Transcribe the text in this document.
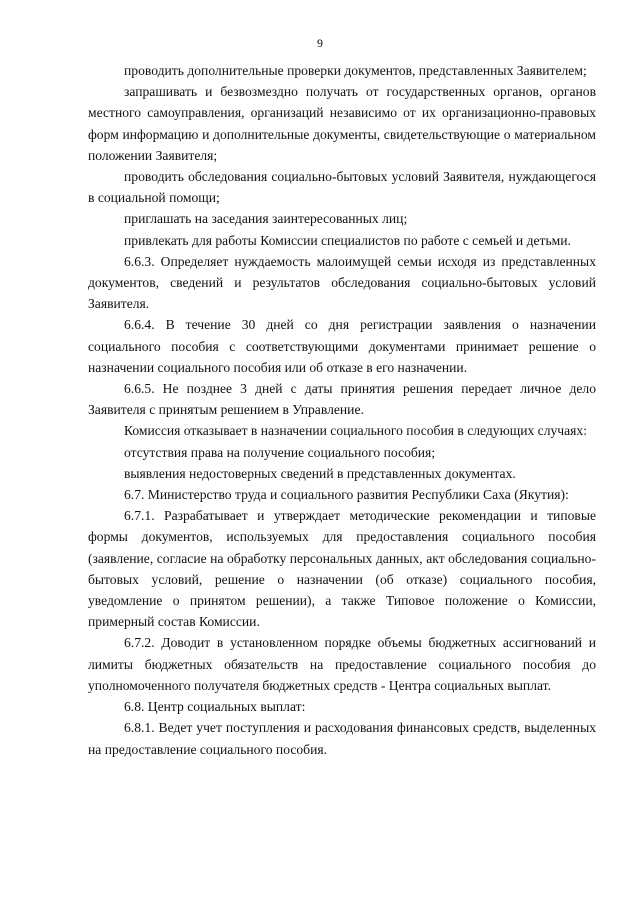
9

проводить дополнительные проверки документов, представленных Заявителем;

запрашивать и безвозмездно получать от государственных органов, органов местного самоуправления, организаций независимо от их организационно-правовых форм информацию и дополнительные документы, свидетельствующие о материальном положении Заявителя;

проводить обследования социально-бытовых условий Заявителя, нуждающегося в социальной помощи;

приглашать на заседания заинтересованных лиц;

привлекать для работы Комиссии специалистов по работе с семьей и детьми.

6.6.3. Определяет нуждаемость малоимущей семьи исходя из представленных документов, сведений и результатов обследования социально-бытовых условий Заявителя.

6.6.4. В течение 30 дней со дня регистрации заявления о назначении социального пособия с соответствующими документами принимает решение о назначении социального пособия или об отказе в его назначении.

6.6.5. Не позднее 3 дней с даты принятия решения передает личное дело Заявителя с принятым решением в Управление.

Комиссия отказывает в назначении социального пособия в следующих случаях:

отсутствия права на получение социального пособия;

выявления недостоверных сведений в представленных документах.

6.7. Министерство труда и социального развития Республики Саха (Якутия):

6.7.1. Разрабатывает и утверждает методические рекомендации и типовые формы документов, используемых для предоставления социального пособия (заявление, согласие на обработку персональных данных, акт обследования социально-бытовых условий, решение о назначении (об отказе) социального пособия, уведомление о принятом решении), а также Типовое положение о Комиссии, примерный состав Комиссии.

6.7.2. Доводит в установленном порядке объемы бюджетных ассигнований и лимиты бюджетных обязательств на предоставление социального пособия до уполномоченного получателя бюджетных средств - Центра социальных выплат.

6.8. Центр социальных выплат:

6.8.1. Ведет учет поступления и расходования финансовых средств, выделенных на предоставление социального пособия.
